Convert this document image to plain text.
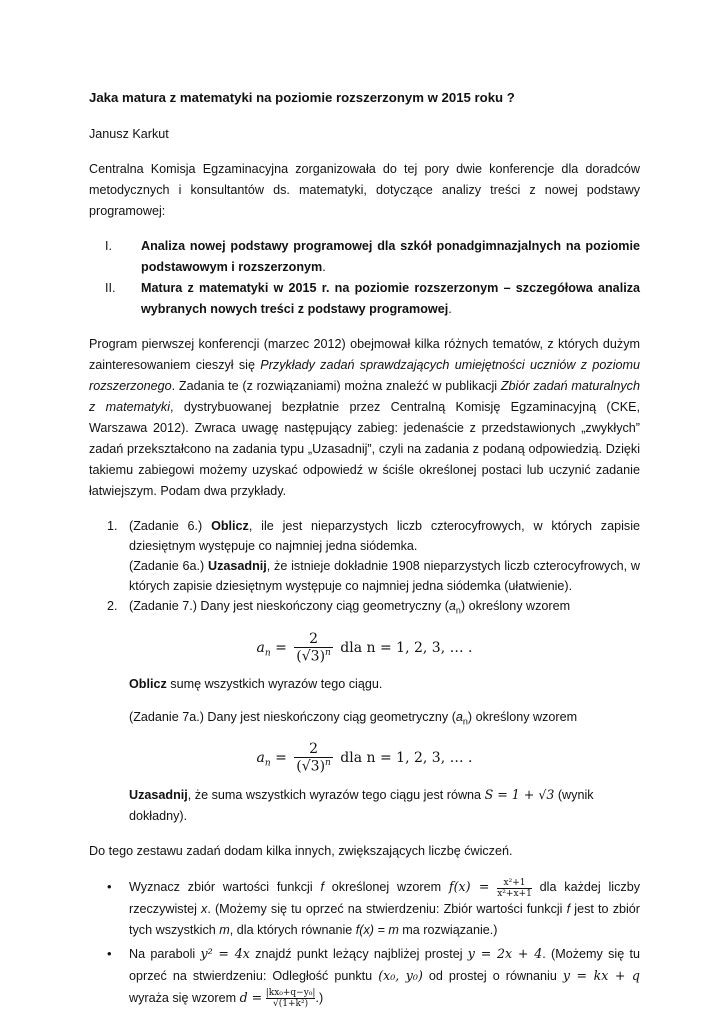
Jaka matura z matematyki na poziomie rozszerzonym w 2015 roku ?
Janusz Karkut

Centralna Komisja Egzaminacyjna zorganizowała do tej pory dwie konferencje dla doradców metodycznych i konsultantów ds. matematyki, dotyczące analizy treści z nowej podstawy programowej:

I. Analiza nowej podstawy programowej dla szkół ponadgimnazjalnych na poziomie podstawowym i rozszerzonym.
II. Matura z matematyki w 2015 r. na poziomie rozszerzonym – szczegółowa analiza wybranych nowych treści z podstawy programowej.

Program pierwszej konferencji (marzec 2012) obejmował kilka różnych tematów, z których dużym zainteresowaniem cieszył się Przykłady zadań sprawdzających umiejętności uczniów z poziomu rozszerzonego. Zadania te (z rozwiązaniami) można znaleźć w publikacji Zbiór zadań maturalnych z matematyki, dystrybuowanej bezpłatnie przez Centralną Komisję Egzaminacyjną (CKE, Warszawa 2012). Zwraca uwagę następujący zabieg: jedenaście z przedstawionych „zwykłych” zadań przekształcono na zadania typu „Uzasadnij”, czyli na zadania z podaną odpowiedzią. Dzięki takiemu zabiegowi możemy uzyskać odpowiedź w ściśle określonej postaci lub uczynić zadanie łatwiejszym. Podam dwa przykłady.

1. (Zadanie 6.) Oblicz, ile jest nieparzystych liczb czterocyfrowych, w których zapisie dziesiętnym występuje co najmniej jedna siódemka.
(Zadanie 6a.) Uzasadnij, że istnieje dokładnie 1908 nieparzystych liczb czterocyfrowych, w których zapisie dziesiętnym występuje co najmniej jedna siódemka (ułatwienie).
2. (Zadanie 7.) Dany jest nieskończony ciąg geometryczny $(a_n)$ określony wzorem
$a_n = \frac{2}{(√3)^n}$ dla n = 1, 2, 3, … .
Oblicz sumę wszystkich wyrazów tego ciągu.
(Zadanie 7a.) Dany jest nieskończony ciąg geometryczny $(a_n)$ określony wzorem
$a_n = \frac{2}{(√3)^n}$ dla n = 1, 2, 3, … .
Uzasadnij, że suma wszystkich wyrazów tego ciągu jest równa S = 1 + √3 (wynik dokładny).

Do tego zestawu zadań dodam kilka innych, zwiększających liczbę ćwiczeń.

• Wyznacz zbiór wartości funkcji f określonej wzorem $f(x) = \frac{\text{x²+1}}{\text{x²+x+1}}$ dla każdej liczby rzeczywistej x. (Możemy się tu oprzeć na stwierdzeniu: Zbiór wartości funkcji f jest to zbiór tych wszystkich m, dla których równanie f(x) = m ma rozwiązanie.)
• Na paraboli y² = 4x znajdź punkt leżący najbliżej prostej y = 2x + 4. (Możemy się tu oprzeć na stwierdzeniu: Odległość punktu (x₀, y₀) od prostej o równaniu y = kx + q wyraża się wzorem $d = \frac{\text{|kx₀+q−y₀|}}{\text{√(1+k²)}}$ .)
